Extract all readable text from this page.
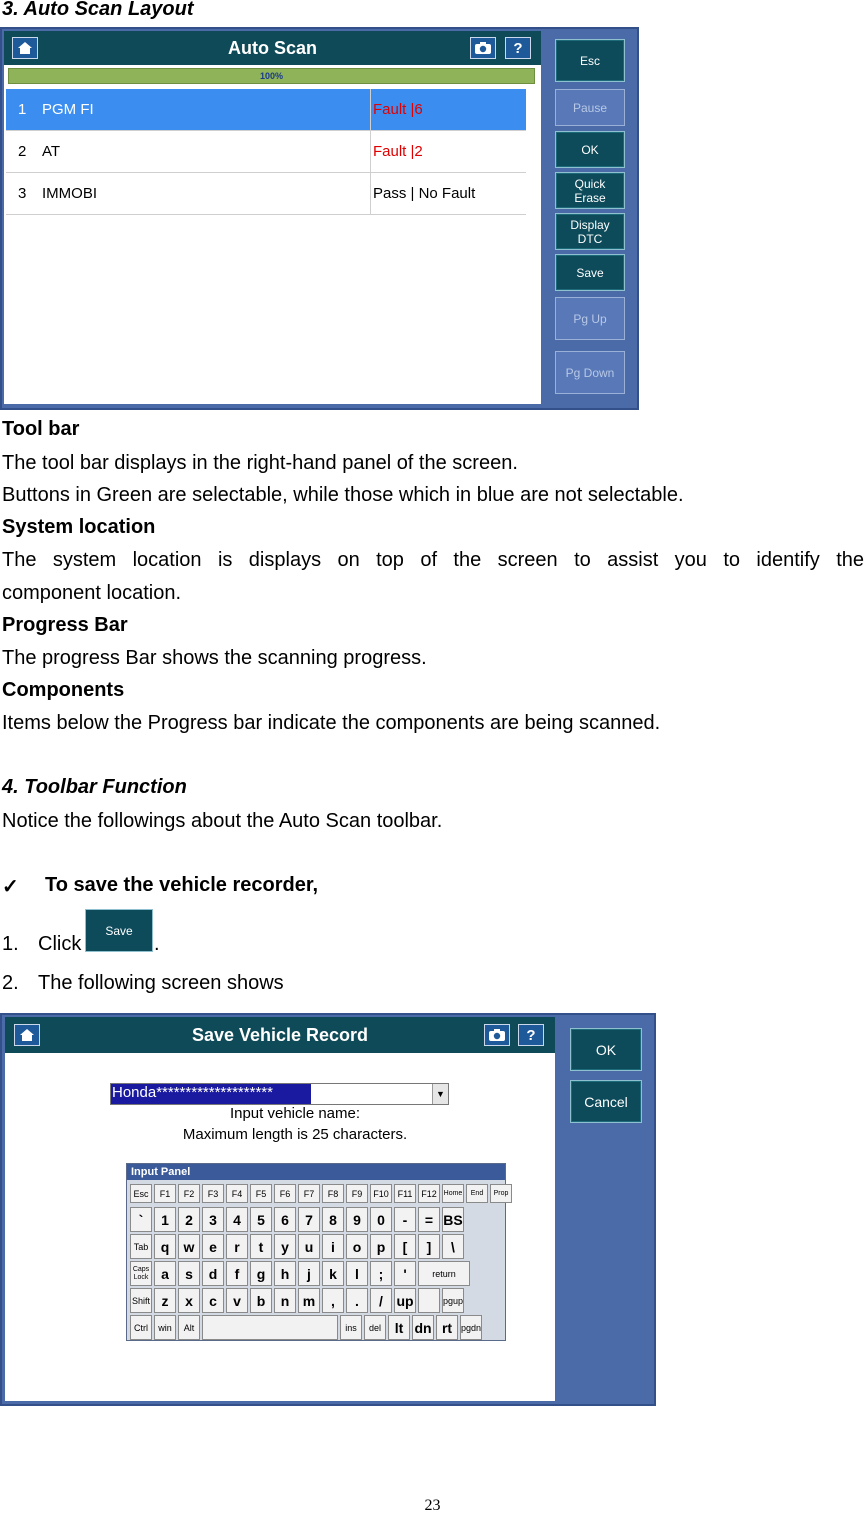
3. Auto Scan Layout
Auto Scan	?
100%
1	PGM FI	Fault |6
2	AT	Fault |2
3	IMMOBI	Pass | No Fault
Esc
Pause
OK
Quick
Erase
Display
DTC
Save
Pg Up
Pg Down
Tool bar
The tool bar displays in the right-hand panel of the screen.
Buttons in Green are selectable, while those which in blue are not selectable.
System location
The system location is displays on top of the screen to assist you to identify the
component location.
Progress Bar
The progress Bar shows the scanning progress.
Components
Items below the Progress bar indicate the components are being scanned.
4. Toolbar Function
Notice the followings about the Auto Scan toolbar.
✓ To save the vehicle recorder,
1. Click
Save
.
2. The following screen shows
Save Vehicle Record	?
Honda********************	▼
Input vehicle name:
Maximum length is 25 characters.
Input Panel
Esc	F1	F2	F3	F4	F5	F6	F7	F8	F9	F10 F11 F12 Home	End	Prop
`	1	2	3	4	5	6	7	8	9	0	-	= BS
Tab q	w	e	r	t	y	u	i	o	p	[	]	\
Caps Lock a	s	d	f	g	h	j	k	l	;	'	return
Shift z	x	c	v	b	n m	,	.	/ up	pgup
Ctrl	win	Alt	ins	del lt dn rt pgdn
OK
Cancel
23
